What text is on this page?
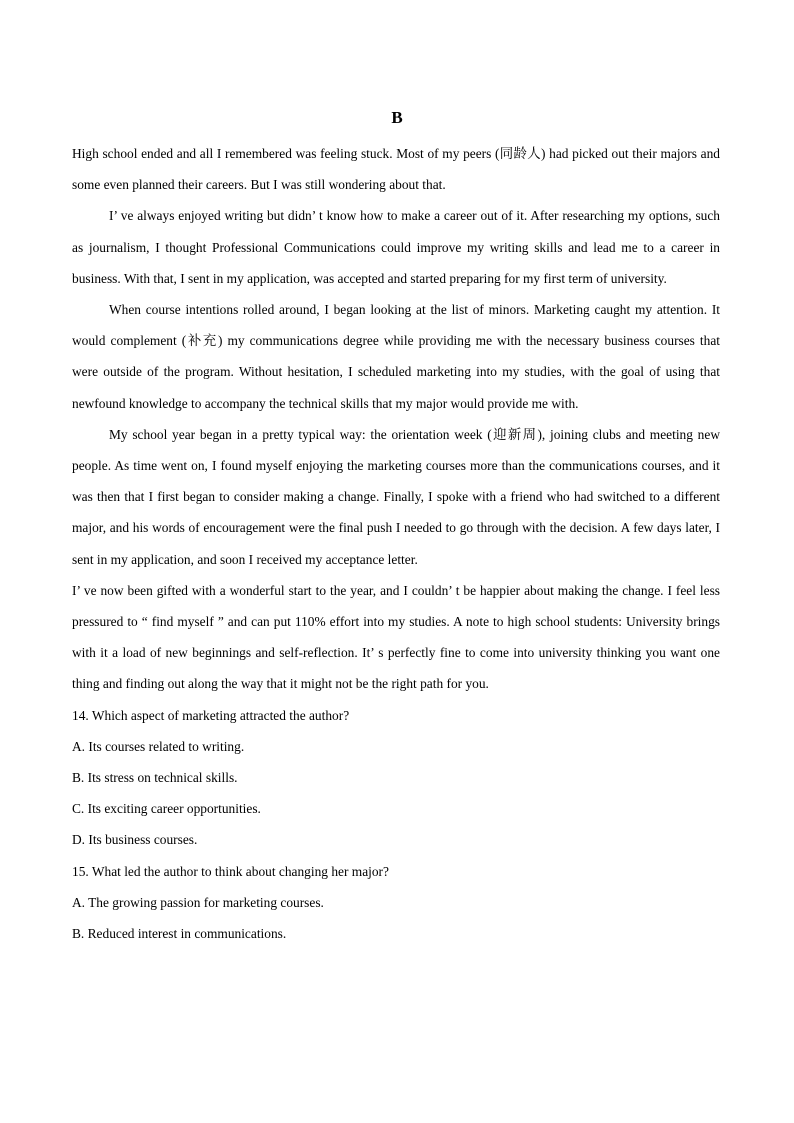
B

High school ended and all I remembered was feeling stuck. Most of my peers (同龄人) had picked out their majors and some even planned their careers. But I was still wondering about that.

I’ ve always enjoyed writing but didn’ t know how to make a career out of it. After researching my options, such as journalism, I thought Professional Communications could improve my writing skills and lead me to a career in business. With that, I sent in my application, was accepted and started preparing for my first term of university.

When course intentions rolled around, I began looking at the list of minors. Marketing caught my attention. It would complement (补充) my communications degree while providing me with the necessary business courses that were outside of the program. Without hesitation, I scheduled marketing into my studies, with the goal of using that newfound knowledge to accompany the technical skills that my major would provide me with.

My school year began in a pretty typical way: the orientation week (迎新周), joining clubs and meeting new people. As time went on, I found myself enjoying the marketing courses more than the communications courses, and it was then that I first began to consider making a change. Finally, I spoke with a friend who had switched to a different major, and his words of encouragement were the final push I needed to go through with the decision. A few days later, I sent in my application, and soon I received my acceptance letter.

I’ ve now been gifted with a wonderful start to the year, and I couldn’ t be happier about making the change. I feel less pressured to “ find myself ” and can put 110% effort into my studies. A note to high school students: University brings with it a load of new beginnings and self-reflection. It’ s perfectly fine to come into university thinking you want one thing and finding out along the way that it might not be the right path for you.

14. Which aspect of marketing attracted the author?

A. Its courses related to writing.

B. Its stress on technical skills.

C. Its exciting career opportunities.

D. Its business courses.

15. What led the author to think about changing her major?

A. The growing passion for marketing courses.

B. Reduced interest in communications.
